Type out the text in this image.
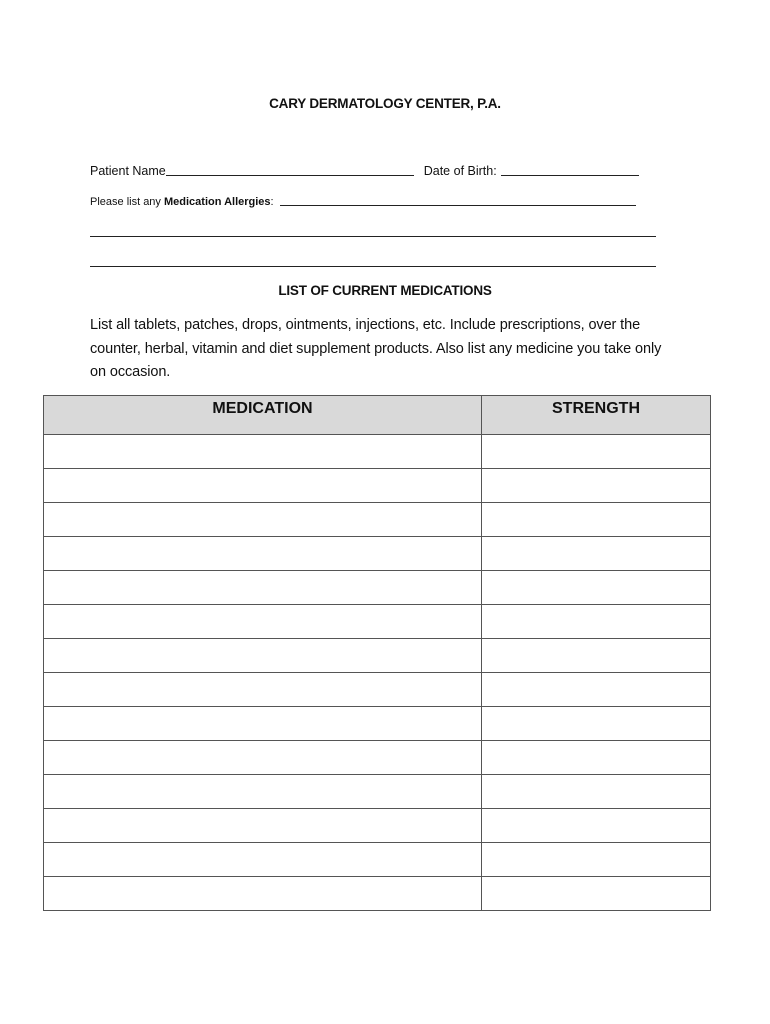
CARY DERMATOLOGY CENTER, P.A.
Patient Name	Date of Birth:
Please list any Medication Allergies :
LIST OF CURRENT MEDICATIONS
List all tablets, patches, drops, ointments, injections, etc. Include prescriptions, over the counter, herbal, vitamin and diet supplement products. Also list any medicine you take only on occasion.
MEDICATION	STRENGTH
